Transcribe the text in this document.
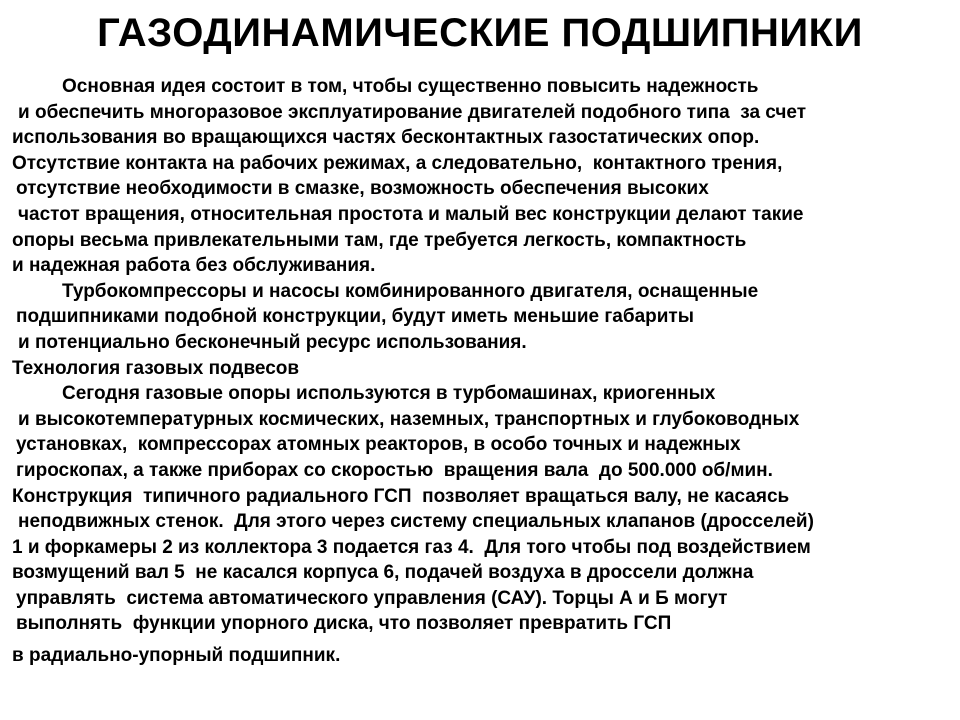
ГАЗОДИНАМИЧЕСКИЕ ПОДШИПНИКИ
Основная идея состоит в том, чтобы существенно повысить надежность
и обеспечить многоразовое эксплуатирование двигателей подобного типа  за счет
использования во вращающихся частях бесконтактных газостатических опор.
Отсутствие контакта на рабочих режимах, а следовательно,  контактного трения,
отсутствие необходимости в смазке, возможность обеспечения высоких
частот вращения, относительная простота и малый вес конструкции делают такие
опоры весьма привлекательными там, где требуется легкость, компактность
и надежная работа без обслуживания.
Турбокомпрессоры и насосы комбинированного двигателя, оснащенные
подшипниками подобной конструкции, будут иметь меньшие габариты
и потенциально бесконечный ресурс использования.
Технология газовых подвесов
Сегодня газовые опоры используются в турбомашинах, криогенных
и высокотемпературных космических, наземных, транспортных и глубоководных
установках,  компрессорах атомных реакторов, в особо точных и надежных
гироскопах, а также приборах со скоростью  вращения вала  до 500.000 об/мин.
Конструкция  типичного радиального ГСП  позволяет вращаться валу, не касаясь
неподвижных стенок.  Для этого через систему специальных клапанов (дросселей)
1 и форкамеры 2 из коллектора 3 подается газ 4.  Для того чтобы под воздействием
возмущений вал 5  не касался корпуса 6, подачей воздуха в дроссели должна
управлять  система автоматического управления (САУ). Торцы А и Б могут
выполнять  функции упорного диска, что позволяет превратить ГСП
в радиально-упорный подшипник.
